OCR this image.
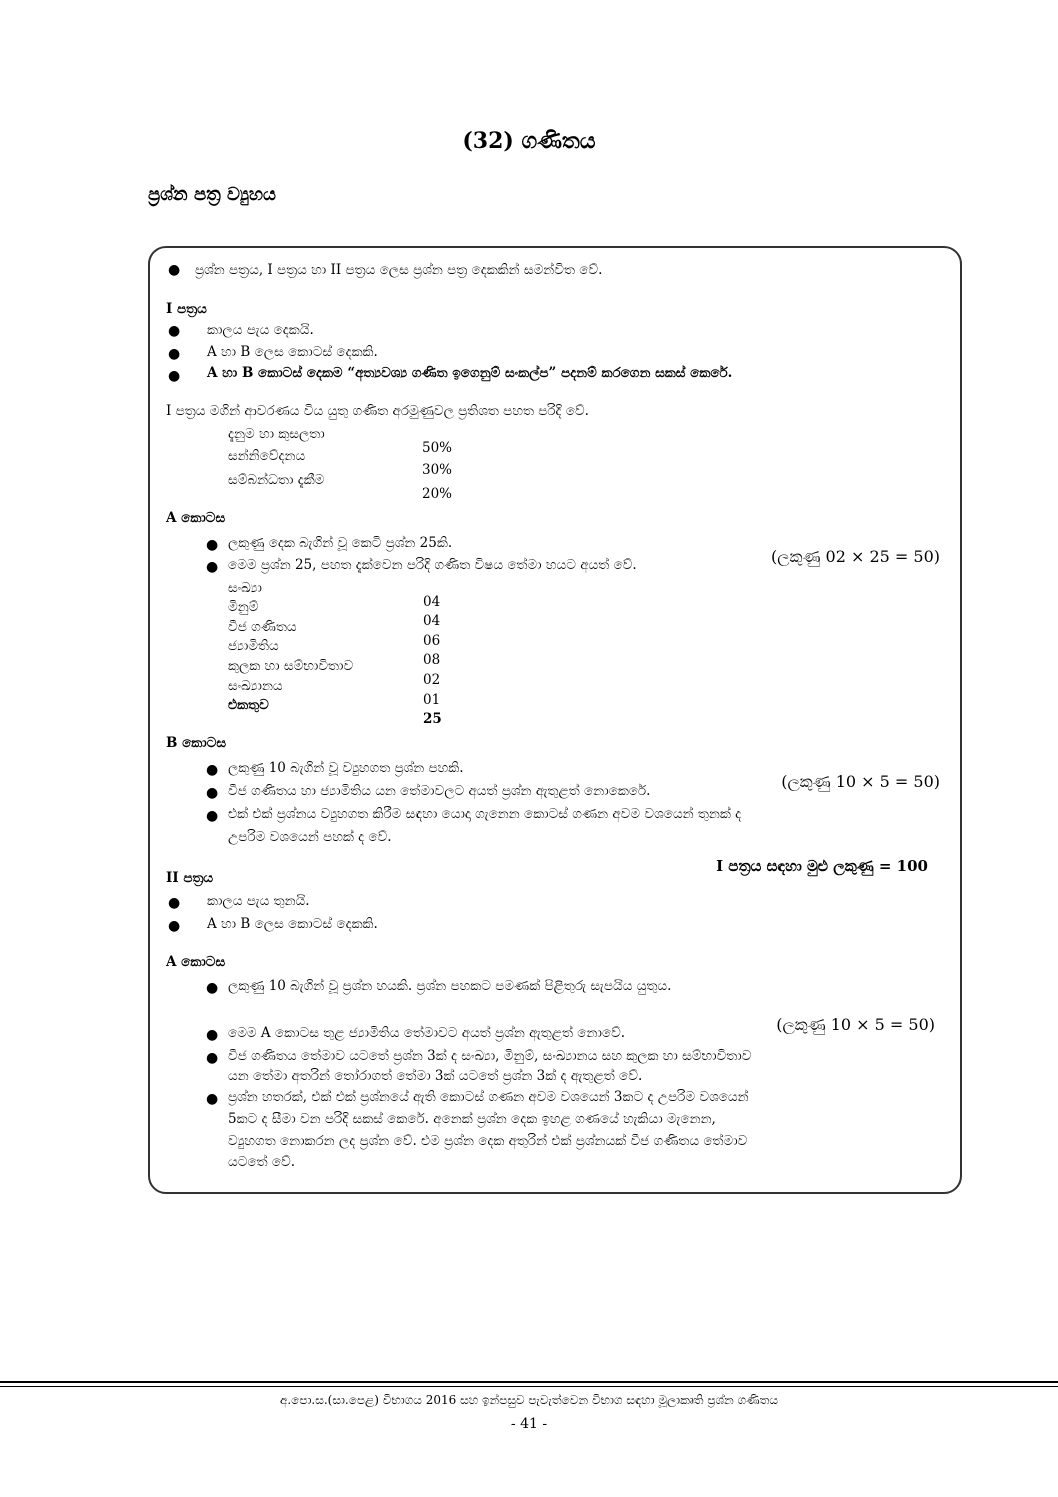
(32) ගණිතය
ප්‍රශ්න පත්‍ර ව්‍යුහය
● ප්‍රශ්න පත්‍රය, I පත්‍රය හා II පත්‍රය ලෙස ප්‍රශ්න පත්‍ර දෙකකින් සමන්විත වේ.

I පත්‍රය

● කාලය පැය දෙකයි.

● A හා B ලෙස කොටස් දෙකකි.

● A හා B කොටස් දෙකම “අත්‍යවශ්‍ය ගණිත ඉගෙනුම් සංකල්ප” පදනම් කරගෙන සකස් කෙරේ.

I පත්‍රය මගින් ආවරණය විය යුතු ගණිත අරමුණුවල ප්‍රතිශත පහත පරිදි වේ.

දැනුම හා කුසලතා

50%

සන්නිවේදනය

30%

සම්බන්ධතා දැකීම

20%

A කොටස

● ලකුණු දෙක බැගින් වූ කෙටි ප්‍රශ්න 25කි.

(ලකුණු 02 × 25 = 50)

● මෙම ප්‍රශ්න 25, පහත දැක්වෙන පරිදි ගණිත විෂය තේමා හයට අයත් වේ.

සංඛ්‍යා

04

මිනුම්

04

වීජ ගණිතය

06

ජ්‍යාමිතිය

08

කුලක හා සම්භාවිතාව

02

සංඛ්‍යානය

01

එකතුව

25

B කොටස

● ලකුණු 10 බැගින් වූ ව්‍යුහගත ප්‍රශ්න පහකි.

(ලකුණු 10 × 5 = 50)

● වීජ ගණිතය හා ජ්‍යාමිතිය යන තේමාවලට අයත් ප්‍රශ්න ඇතුළත් නොකෙරේ.

● එක් එක් ප්‍රශ්නය ව්‍යුහගත කිරීම සඳහා යොදා ගැනෙන කොටස් ගණන අවම වශයෙන් තුනක් ද

උපරිම වශයෙන් පහක් ද වේ.

I පත්‍රය සඳහා මුළු ලකුණු = 100

II පත්‍රය

● කාලය පැය තුනයි.

● A හා B ලෙස කොටස් දෙකකි.

A කොටස

● ලකුණු 10 බැගින් වූ ප්‍රශ්න හයකි. ප්‍රශ්න පහකට පමණක් පිළිතුරු සැපයිය යුතුය.

(ලකුණු 10 × 5 = 50)

● මෙම A කොටස තුළ ජ්‍යාමිතිය තේමාවට අයත් ප්‍රශ්න ඇතුළත් නොවේ.

● වීජ ගණිතය තේමාව යටතේ ප්‍රශ්න 3ක් ද සංඛ්‍යා, මිනුම්, සංඛ්‍යානය සහ කුලක හා සම්භාවිතාව

යන තේමා අතරින් තෝරාගත් තේමා 3ක් යටතේ ප්‍රශ්න 3ක් ද ඇතුළත් වේ.

● ප්‍රශ්න හතරක්, එක් එක් ප්‍රශ්නයේ ඇති කොටස් ගණන අවම වශයෙන් 3කට ද උපරිම වශයෙන්

5කට ද සීමා වන පරිදි සකස් කෙරේ. අනෙක් ප්‍රශ්න දෙක ඉහළ ගණයේ හැකියා මැනෙන,

ව්‍යුහගත නොකරන ලද ප්‍රශ්න වේ. එම ප්‍රශ්න දෙක අතුරින් එක් ප්‍රශ්නයක් වීජ ගණිතය තේමාව

යටතේ වේ.

අ.පො.ස.(සා.පෙළ) විභාගය 2016 සහ ඉන්පසුව පැවැත්වෙන විභාග සඳහා මූලාකෘති ප්‍රශ්න ගණිතය

- 41 -
